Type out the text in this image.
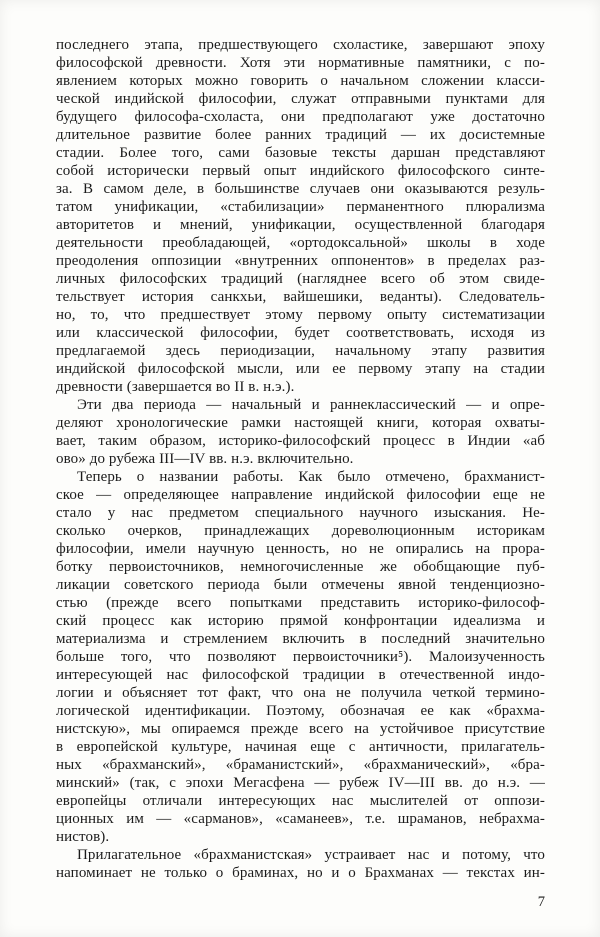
последнего этапа, предшествующего схоластике, завершают эпоху
философской древности. Хотя эти нормативные памятники, с по-
явлением которых можно говорить о начальном сложении класси-
ческой индийской философии, служат отправными пунктами для
будущего философа-схоласта, они предполагают уже достаточно
длительное развитие более ранних традиций — их досистемные
стадии. Более того, сами базовые тексты даршан представляют
собой исторически первый опыт индийского философского синте-
за. В самом деле, в большинстве случаев они оказываются резуль-
татом унификации, «стабилизации» перманентного плюрализма
авторитетов и мнений, унификации, осуществленной благодаря
деятельности преобладающей, «ортодоксальной» школы в ходе
преодоления оппозиции «внутренних оппонентов» в пределах раз-
личных философских традиций (нагляднее всего об этом свиде-
тельствует история санкхьи, вайшешики, веданты). Следователь-
но, то, что предшествует этому первому опыту систематизации
или классической философии, будет соответствовать, исходя из
предлагаемой здесь периодизации, начальному этапу развития
индийской философской мысли, или ее первому этапу на стадии
древности (завершается во II в. н.э.).
Эти два периода — начальный и раннеклассический — и опре-
деляют хронологические рамки настоящей книги, которая охваты-
вает, таким образом, историко-философский процесс в Индии «аб
ово» до рубежа III—IV вв. н.э. включительно.
Теперь о названии работы. Как было отмечено, брахманист-
ское — определяющее направление индийской философии еще не
стало у нас предметом специального научного изыскания. Не-
сколько очерков, принадлежащих дореволюционным историкам
философии, имели научную ценность, но не опирались на прора-
ботку первоисточников, немногочисленные же обобщающие пуб-
ликации советского периода были отмечены явной тенденциозно-
стью (прежде всего попытками представить историко-философ-
ский процесс как историю прямой конфронтации идеализма и
материализма и стремлением включить в последний значительно
больше того, что позволяют первоисточники⁵). Малоизученность
интересующей нас философской традиции в отечественной индо-
логии и объясняет тот факт, что она не получила четкой термино-
логической идентификации. Поэтому, обозначая ее как «брахма-
нистскую», мы опираемся прежде всего на устойчивое присутствие
в европейской культуре, начиная еще с античности, прилагатель-
ных «брахманский», «браманистский», «брахманический», «бра-
минский» (так, с эпохи Мегасфена — рубеж IV—III вв. до н.э. —
европейцы отличали интересующих нас мыслителей от оппози-
ционных им — «сарманов», «саманеев», т.е. шраманов, небрахма-
нистов).
Прилагательное «брахманистская» устраивает нас и потому, что
напоминает не только о браминах, но и о Брахманах — текстах ин-
7
